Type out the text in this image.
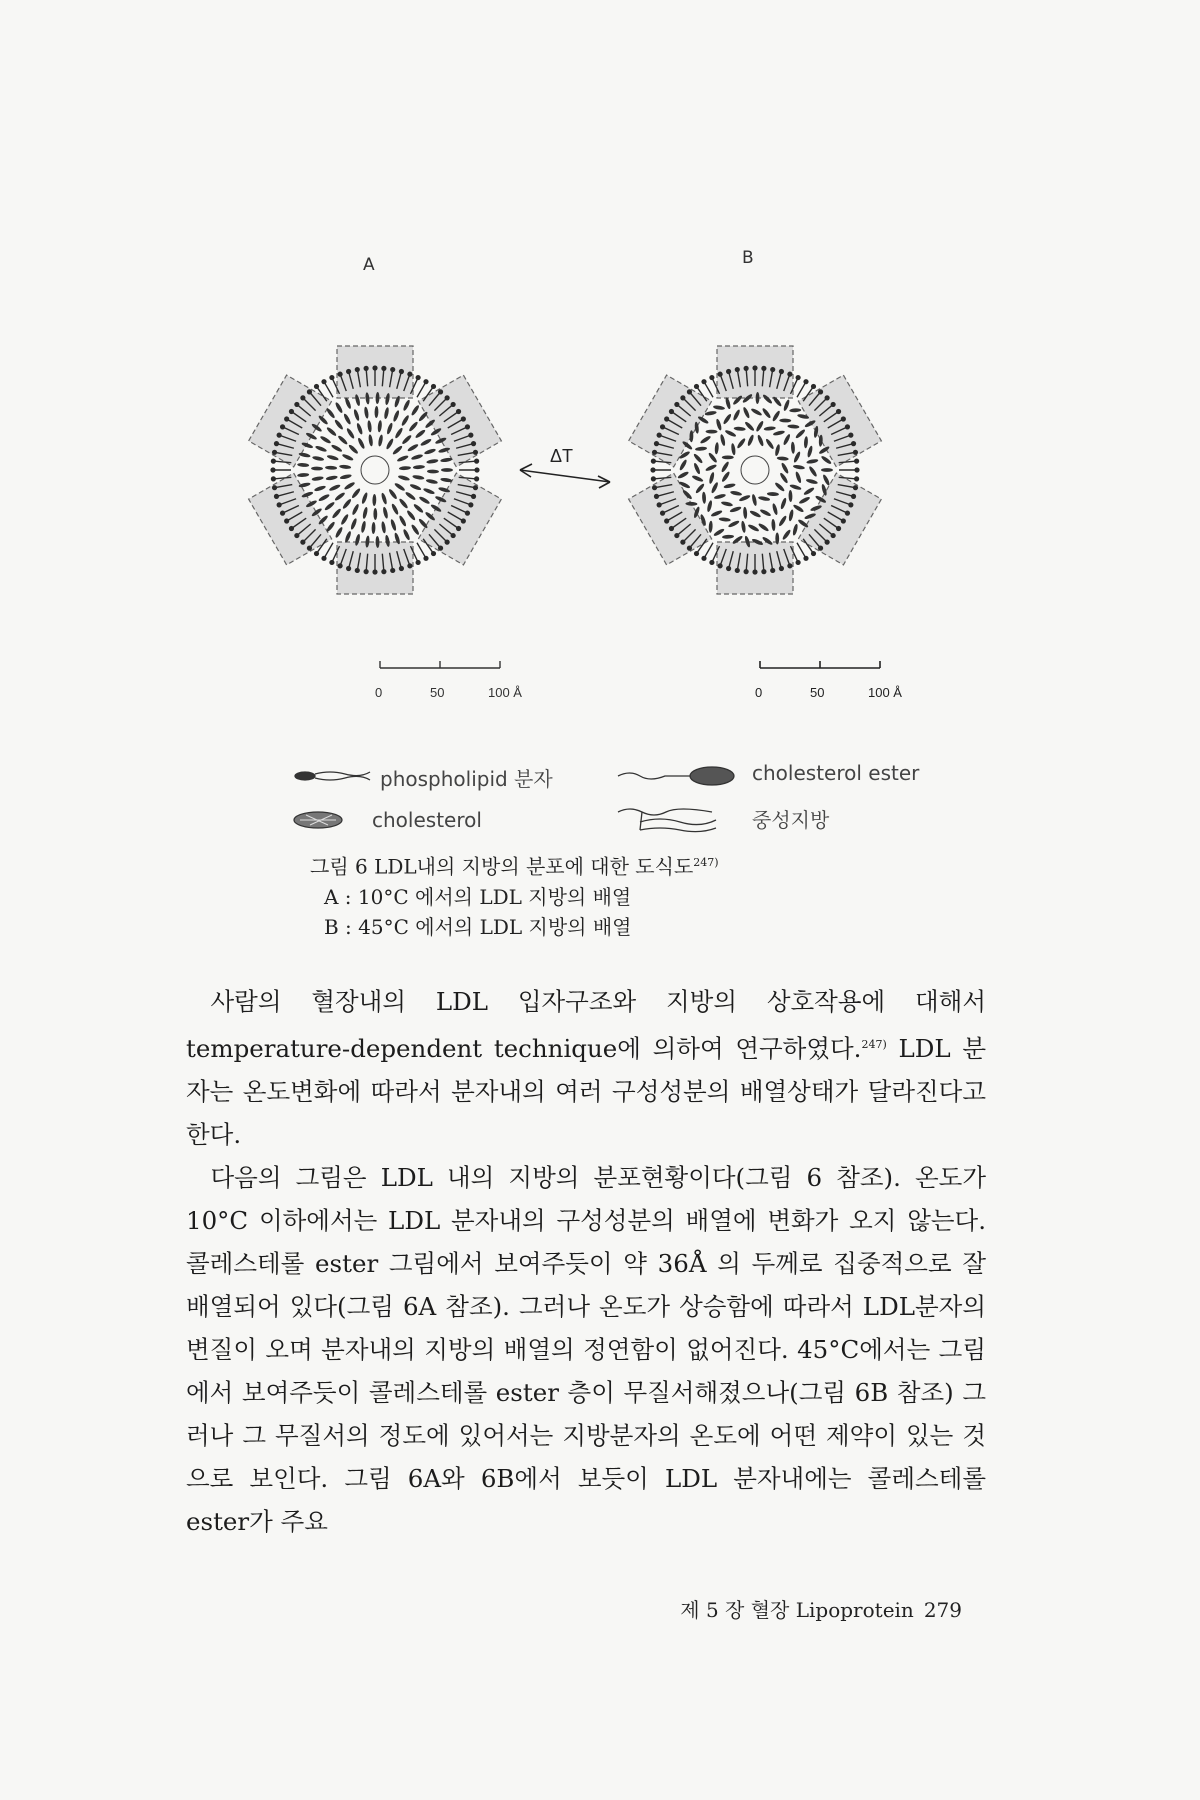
A	B
ΔT
0	50	100 Å	0	50	100 Å
phospholipid 분자
cholesterol
cholesterol ester
중성지방
그림 6 LDL내의 지방의 분포에 대한 도식도$^{247)}$
A : 10°C 에서의 LDL 지방의 배열
B : 45°C 에서의 LDL 지방의 배열

사람의 혈장내의 LDL 입자구조와 지방의 상호작용에 대해서 temperature-dependent technique에 의하여 연구하였다.$^{247)}$ LDL 분자는 온도변화에 따라서 분자내의 여러 구성성분의 배열상태가 달라진다고 한다.

다음의 그림은 LDL 내의 지방의 분포현황이다(그림 6 참조). 온도가 10°C 이하에서는 LDL 분자내의 구성성분의 배열에 변화가 오지 않는다. 콜레스테롤 ester 그림에서 보여주듯이 약 36Å 의 두께로 집중적으로 잘 배열되어 있다(그림 6A 참조). 그러나 온도가 상승함에 따라서 LDL분자의 변질이 오며 분자내의 지방의 배열의 정연함이 없어진다. 45°C에서는 그림에서 보여주듯이 콜레스테롤 ester 층이 무질서해졌으나(그림 6B 참조) 그러나 그 무질서의 정도에 있어서는 지방분자의 온도에 어떤 제약이 있는 것으로 보인다. 그림 6A와 6B에서 보듯이 LDL 분자내에는 콜레스테롤 ester가 주요

제 5 장 혈장 Lipoprotein 279
